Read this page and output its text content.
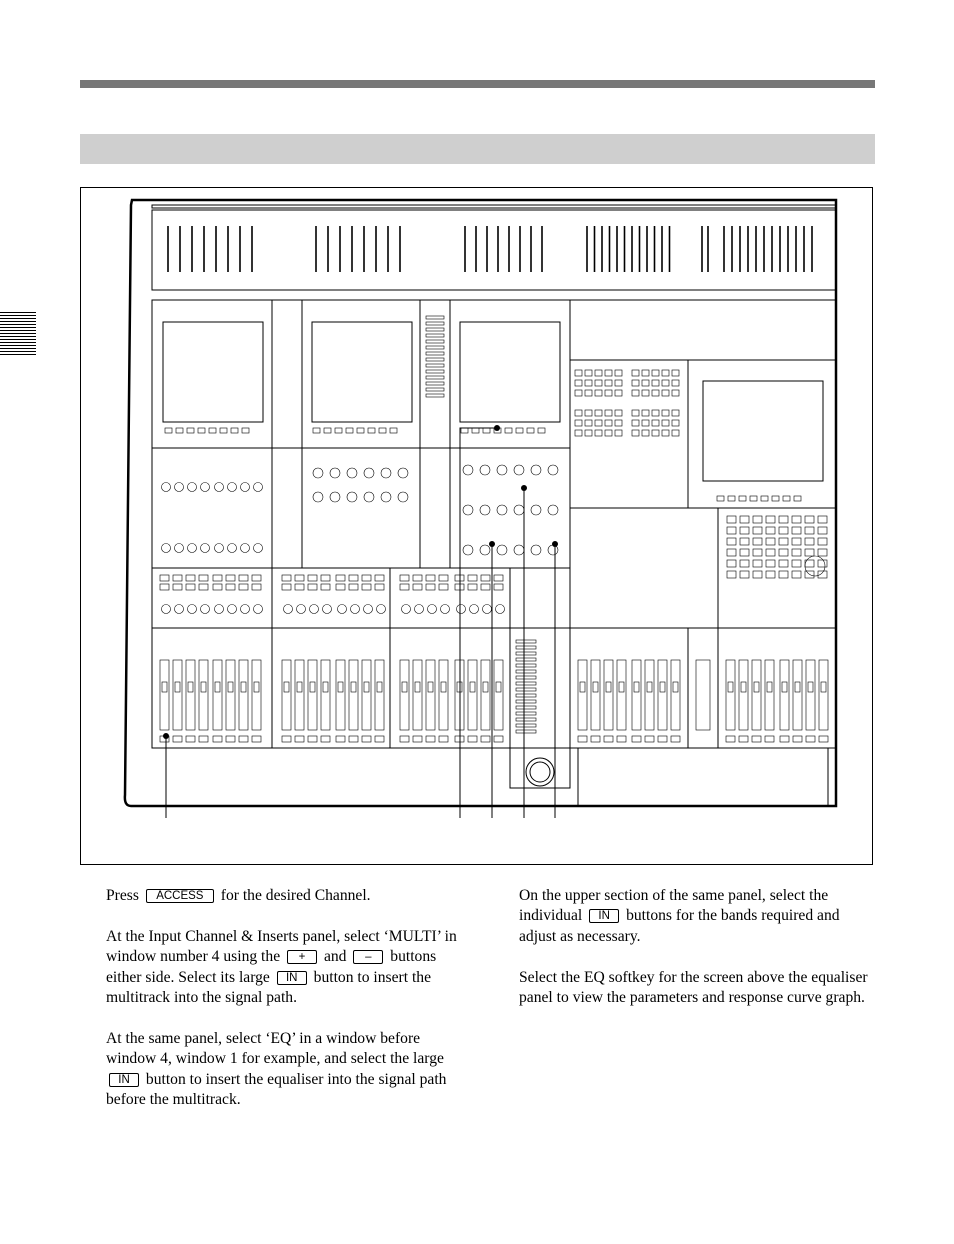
Press ACCESS for the desired Channel.

At the Input Channel & Inserts panel, select ‘MULTI’ in window number 4 using the + and – buttons either side. Select its large IN button to insert the multitrack into the signal path.

At the same panel, select ‘EQ’ in a window before window 4, window 1 for example, and select the large IN button to insert the equaliser into the signal path before the multitrack.

On the upper section of the same panel, select the individual IN buttons for the bands required and adjust as necessary.

Select the EQ softkey for the screen above the equaliser panel to view the parameters and response curve graph.
